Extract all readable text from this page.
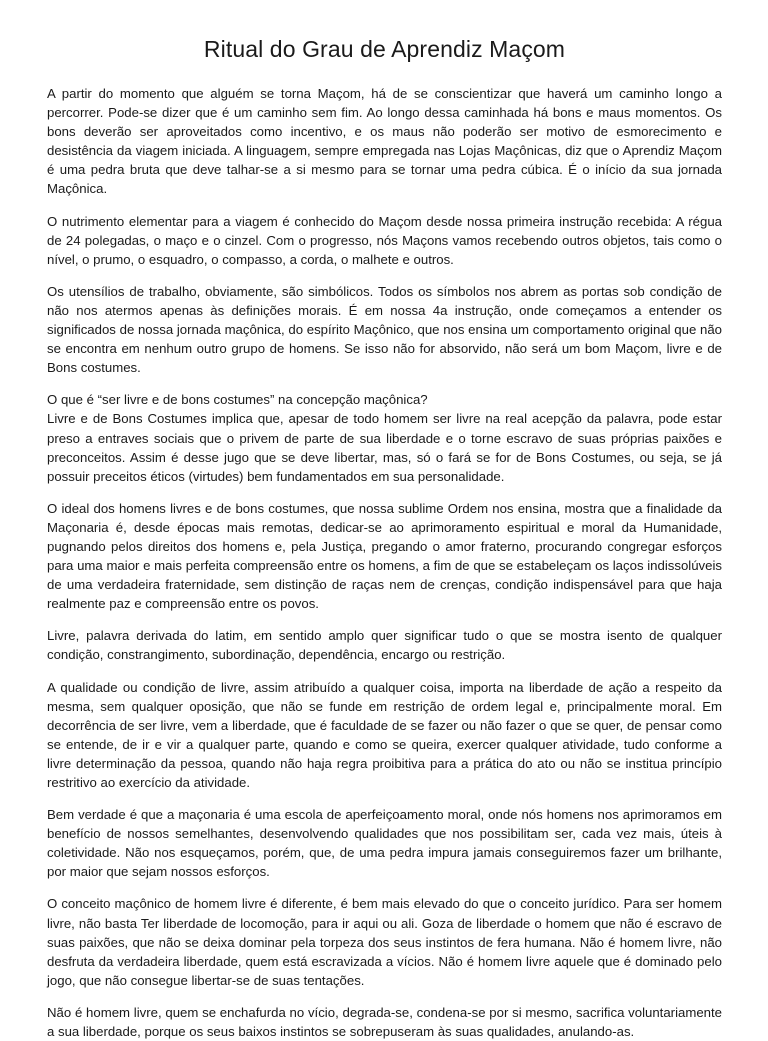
Ritual do Grau de Aprendiz Maçom

A partir do momento que alguém se torna Maçom, há de se conscientizar que haverá um caminho longo a percorrer. Pode-se dizer que é um caminho sem fim. Ao longo dessa caminhada há bons e maus momentos. Os bons deverão ser aproveitados como incentivo, e os maus não poderão ser motivo de esmorecimento e desistência da viagem iniciada. A linguagem, sempre empregada nas Lojas Maçônicas, diz que o Aprendiz Maçom é uma pedra bruta que deve talhar-se a si mesmo para se tornar uma pedra cúbica. É o início da sua jornada Maçônica.

O nutrimento elementar para a viagem é conhecido do Maçom desde nossa primeira instrução recebida: A régua de 24 polegadas, o maço e o cinzel. Com o progresso, nós Maçons vamos recebendo outros objetos, tais como o nível, o prumo, o esquadro, o compasso, a corda, o malhete e outros.

Os utensílios de trabalho, obviamente, são simbólicos. Todos os símbolos nos abrem as portas sob condição de não nos atermos apenas às definições morais. É em nossa 4a instrução, onde começamos a entender os significados de nossa jornada maçônica, do espírito Maçônico, que nos ensina um comportamento original que não se encontra em nenhum outro grupo de homens. Se isso não for absorvido, não será um bom Maçom, livre e de Bons costumes.

O que é “ser livre e de bons costumes” na concepção maçônica?
Livre e de Bons Costumes implica que, apesar de todo homem ser livre na real acepção da palavra, pode estar preso a entraves sociais que o privem de parte de sua liberdade e o torne escravo de suas próprias paixões e preconceitos. Assim é desse jugo que se deve libertar, mas, só o fará se for de Bons Costumes, ou seja, se já possuir preceitos éticos (virtudes) bem fundamentados em sua personalidade.

O ideal dos homens livres e de bons costumes, que nossa sublime Ordem nos ensina, mostra que a finalidade da Maçonaria é, desde épocas mais remotas, dedicar-se ao aprimoramento espiritual e moral da Humanidade, pugnando pelos direitos dos homens e, pela Justiça, pregando o amor fraterno, procurando congregar esforços para uma maior e mais perfeita compreensão entre os homens, a fim de que se estabeleçam os laços indissolúveis de uma verdadeira fraternidade, sem distinção de raças nem de crenças, condição indispensável para que haja realmente paz e compreensão entre os povos.

Livre, palavra derivada do latim, em sentido amplo quer significar tudo o que se mostra isento de qualquer condição, constrangimento, subordinação, dependência, encargo ou restrição.

A qualidade ou condição de livre, assim atribuído a qualquer coisa, importa na liberdade de ação a respeito da mesma, sem qualquer oposição, que não se funde em restrição de ordem legal e, principalmente moral. Em decorrência de ser livre, vem a liberdade, que é faculdade de se fazer ou não fazer o que se quer, de pensar como se entende, de ir e vir a qualquer parte, quando e como se queira, exercer qualquer atividade, tudo conforme a livre determinação da pessoa, quando não haja regra proibitiva para a prática do ato ou não se institua princípio restritivo ao exercício da atividade.

Bem verdade é que a maçonaria é uma escola de aperfeiçoamento moral, onde nós homens nos aprimoramos em benefício de nossos semelhantes, desenvolvendo qualidades que nos possibilitam ser, cada vez mais, úteis à coletividade. Não nos esqueçamos, porém, que, de uma pedra impura jamais conseguiremos fazer um brilhante, por maior que sejam nossos esforços.

O conceito maçônico de homem livre é diferente, é bem mais elevado do que o conceito jurídico. Para ser homem livre, não basta Ter liberdade de locomoção, para ir aqui ou ali. Goza de liberdade o homem que não é escravo de suas paixões, que não se deixa dominar pela torpeza dos seus instintos de fera humana. Não é homem livre, não desfruta da verdadeira liberdade, quem está escravizada a vícios. Não é homem livre aquele que é dominado pelo jogo, que não consegue libertar-se de suas tentações.

Não é homem livre, quem se enchafurda no vício, degrada-se, condena-se por si mesmo, sacrifica voluntariamente a sua liberdade, porque os seus baixos instintos se sobrepuseram às suas qualidades, anulando-as.
